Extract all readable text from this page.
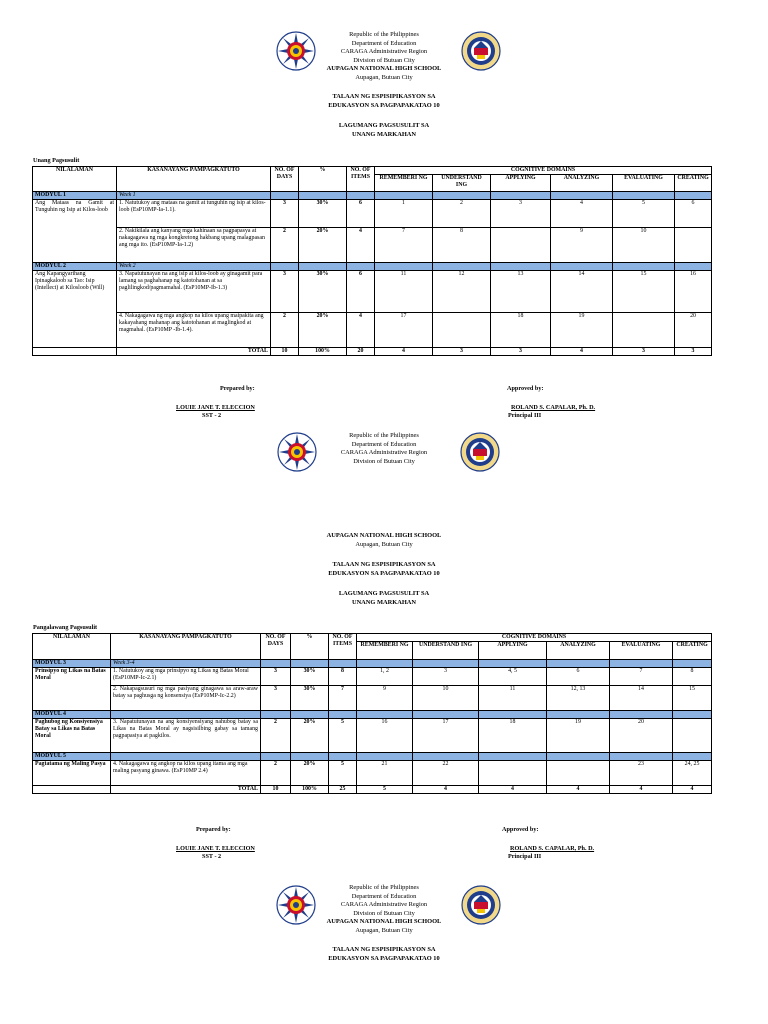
Republic of the Philippines
Department of Education
CARAGA Administrative Region
Division of Butuan City
AUPAGAN NATIONAL HIGH SCHOOL
Aupagan, Butuan City
TALAAN NG ESPISIPIKASYON SA
EDUKASYON SA PAGPAPAKATAO 10
LAGUMANG PAGSUSULIT SA
UNANG MARKAHAN
Unang Pagsusulit
NILALAMAN	KASANAYANG PAMPAGKATUTO	NO. OF DAYS	%	NO. OF ITEMS	COGNITIVE DOMAINS					
					REMEMBERI NG	UNDERSTAND ING	APPLYING	ANALYZING	EVALUATING	CREATING
MODYUL 1	Week 1									
Ang Mataas na Gamit at Tunguhin ng Isip at Kilos-loob	1. Natutukoy ang mataas na gamit at tunguhin ng isip at kilos-loob (EsP10MP-Ia-1.1).	3	30%	6	1	2	3	4	5	6
	2. Nakikilala ang kanyang mga kahinaan sa pagpapasya at nakagagawa ng mga kongkretong hakbang upang malagpasan ang mga ito. (EsP10MP-Ia-1.2)	2	20%	4	7	8		9	10	
MODYUL 2	Week 2									
Ang Kapangyarihang Ipinagkaloob sa Tao: Isip (Intellect) at Kilosloob (Will)	3. Napatutunayan na ang isip at kilos-loob ay ginagamit para lamang sa paghahanap ng katotohanan at sa paglilingkod/pagmamahal. (EsP10MP-Ib-1.3)	3	30%	6	11	12	13	14	15	16
	4. Nakagagawa ng mga angkop na kilos upang maipakita ang kakayahang mahanap ang katotohanan at maglingkod at magmahal. (EsP10MP -Ib-1.4).	2	20%	4	17		18	19		20
	TOTAL	10	100%	20	4	3	3	4	3	3
Prepared by:	Approved by:
LOUIE JANE T. ELECCION
SST - 2
ROLAND S. CAPALAR, Ph. D.
Principal III
Republic of the Philippines
Department of Education
CARAGA Administrative Region
Division of Butuan City
AUPAGAN NATIONAL HIGH SCHOOL
Aupagan, Butuan City
TALAAN NG ESPISIPIKASYON SA
EDUKASYON SA PAGPAPAKATAO 10
LAGUMANG PAGSUSULIT SA
UNANG MARKAHAN
Pangalawang Pagsusulit
NILALAMAN	KASANAYANG PAMPAGKATUTO	NO. OF DAYS	%	NO. OF ITEMS	COGNITIVE DOMAINS					
					REMEMBERI NG	UNDERSTAND ING	APPLYING	ANALYZING	EVALUATING	CREATING
MODYUL 3	Week 3-4									
Prinsipyo ng Likas na Batas Moral	1. Natutukoy ang mga prinsipyo ng Likas ng Batas Moral (EsP10MP-Ic-2.1)	3	30%	8	1, 2	3	4, 5	6	7	8
	2. Nakapagsusuri ng mga pasiyang ginagawa sa araw-araw batay sa paghusga ng konsensiya (EsP10MP-Ic-2.2)	3	30%	7	9	10	11	12, 13	14	15
MODYUL 4										
Paghubog ng Konsiyensiya Batay sa Likas na Batas Moral	3. Napatutunayan na ang konsiyensiyang nahubog batay sa Likas na Batas Moral ay nagsisilbing gabay sa tamang pagpapasiya at pagkilos.	2	20%	5	16	17	18	19	20	
MODYUL 5										
Pagtatama ng Maling Pasya	4. Nakagagawa ng angkop na kilos upang itama ang mga maling pasyang ginawa. (EsP10MP 2.4)	2	20%	5	21	22			23	24, 25
	TOTAL	10	100%	25	5	4	4	4	4	4
Prepared by:	Approved by:
LOUIE JANE T. ELECCION
SST - 2
ROLAND S. CAPALAR, Ph. D.
Principal III
Republic of the Philippines
Department of Education
CARAGA Administrative Region
Division of Butuan City
AUPAGAN NATIONAL HIGH SCHOOL
Aupagan, Butuan City
TALAAN NG ESPISIPIKASYON SA
EDUKASYON SA PAGPAPAKATAO 10
